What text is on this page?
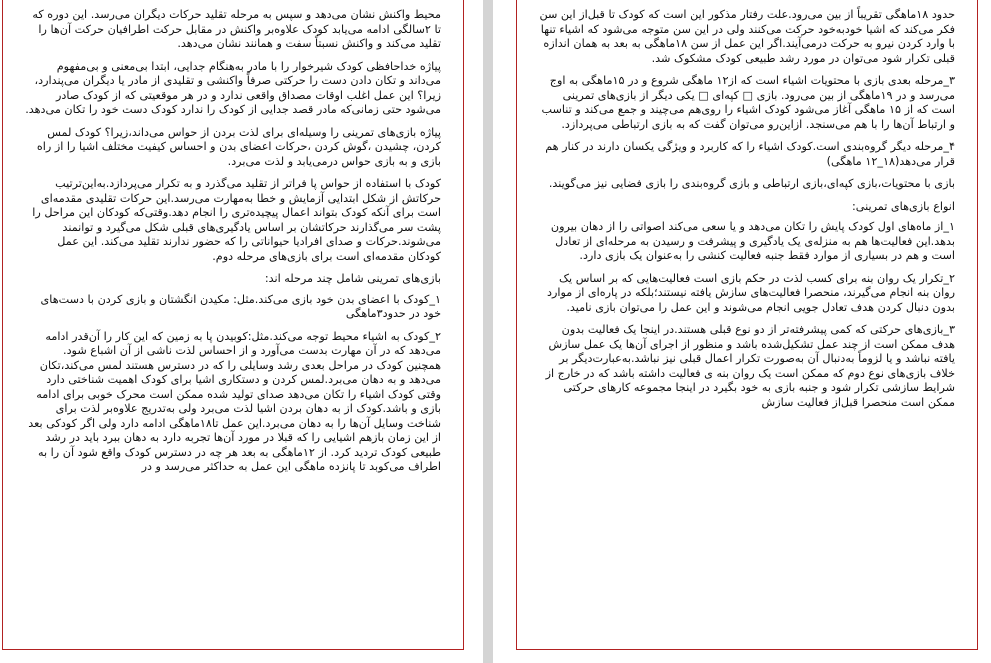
محیط واکنش نشان می‌دهد و سپس به مرحله تقلید حرکات دیگران می‌رسد. این دوره که تا ۲سالگی ادامه می‌یابد کودک علاوه‌بر واکنش در مقابل حرکت اطرافیان حرکت آن‌ها را تقلید می‌کند و واکنش نسبتاً سفت و همانند نشان می‌دهد.

پیاژه خداحافظی کودک شیرخوار را با مادر به‌هنگام جدایی، ابتدا بی‌معنی و بی‌مفهوم می‌داند و تکان دادن دست را حرکتی صرفاً واکنشی و تقلیدی از مادر یا دیگران می‌پندارد، زیرا؟ این عمل اغلب اوقات مصداق واقعی ندارد و در هر موقعیتی که از کودک صادر می‌شود حتی زمانی‌که مادر قصد جدایی از کودک را ندارد کودک دست خود را تکان می‌دهد.

پیاژه بازی‌های تمرینی را وسیله‌ای برای لذت بردن از حواس می‌داند،زیرا؟ کودک لمس کردن، چشیدن ،گوش کردن ،حرکات اعضای بدن و احساس کیفیت مختلف اشیا را از راه بازی و به بازی حواس درمی‌یابد و لذت می‌برد.

کودک با استفاده از حواس پا فراتر از تقلید می‌گذرد و به تکرار می‌پردازد.به‌این‌ترتیب حرکاتش از شکل ابتدایی آزمایش و خطا به‌مهارت می‌رسد.این حرکات تقلیدی مقدمه‌ای است برای آنکه کودک بتواند اعمال پیچیده‌تری را انجام دهد.وقتی‌که کودکان این مراحل را پشت سر می‌گذارند حرکاتشان بر اساس یادگیری‌های قبلی شکل می‌گیرد و توانمند می‌شوند.حرکات و صدای افرادیا حیواناتی را که حضور ندارند تقلید می‌کند. این عمل کودکان مقدمه‌ای است برای بازی‌های مرحله دوم.

بازی‌های تمرینی شامل چند مرحله اند:

۱_کودک با اعضای بدن خود بازی می‌کند.مثل: مکیدن انگشتان و بازی کردن با دست‌های خود در حدود۳ماهگی

۲_کودک به اشیاء محیط توجه می‌کند.مثل:کوبیدن پا به زمین که این کار را آن‌قدر ادامه می‌دهد که در آن مهارت بدست می‌آورد و از احساس لذت ناشی از آن اشباع شود. همچنین کودک در مراحل بعدی رشد وسایلی را که در دسترس هستند لمس می‌کند،تکان می‌دهد و به دهان می‌برد.لمس کردن و دستکاری اشیا برای کودک اهمیت شناختی دارد وقتی کودک اشیاء را تکان می‌دهد صدای تولید شده ممکن است محرک خوبی برای ادامه بازی و باشد.کودک از به دهان بردن اشیا لذت می‌برد ولی به‌تدریج علاوه‌بر لذت برای شناخت وسایل آن‌ها را به دهان می‌برد.این عمل تا۱۸ماهگی ادامه دارد ولی اگر کودکی بعد از این زمان بازهم اشیایی را که قبلا در مورد آن‌ها تجربه دارد به دهان ببرد باید در رشد طبیعی کودک تردید کرد. از ۱۲ماهگی به بعد هر چه در دسترس کودک واقع شود آن را به اطراف می‌کوبد تا پانزده ماهگی این عمل به حداکثر می‌رسد و در

حدود ۱۸ماهگی تقریباً از بین می‌رود.علت رفتار مذکور این است که کودک تا قبل‌از این سن فکر می‌کند که اشیا خودبه‌خود حرکت می‌کنند ولی در این سن متوجه می‌شود که اشیاء تنها با وارد کردن نیرو به حرکت درمی‌آیند.اگر این عمل از سن ۱۸ماهگی به بعد به همان اندازه قبلی تکرار شود می‌توان در مورد رشد طبیعی کودک مشکوک شد.

۳_مرحله بعدی بازی با محتویات اشیاء است که از۱۲ ماهگی شروع و در ۱۵ماهگی به اوج می‌رسد و در ۱۹ماهگی از بین می‌رود. بازی □ کپه‌ای □ یکی دیگر از بازی‌های تمرینی است که از ۱۵ ماهگی آغاز می‌شود کودک اشیاء را روی‌هم می‌چیند و جمع می‌کند و تناسب و ارتباط آن‌ها را با هم می‌سنجد. ازاین‌رو می‌توان گفت که به بازی ارتباطی می‌پردازد.

۴_مرحله دیگر گروه‌بندی است.کودک اشیاء را که کاربرد و ویژگی یکسان دارند در کنار هم قرار می‌دهد(۱۸_۱۲ ماهگی)

بازی با محتویات،بازی کپه‌ای،بازی ارتباطی و بازی گروه‌بندی را بازی فضایی نیز می‌گویند.

انواع بازی‌های تمرینی:

۱_از ماه‌های اول کودک پایش را تکان می‌دهد و یا سعی می‌کند اصواتی را از دهان بیرون بدهد.این فعالیت‌ها هم به منزله‌ی یک یادگیری و پیشرفت و رسیدن به مرحله‌ای از تعادل است و هم در بسیاری از موارد فقط جنبه فعالیت کنشی را به‌عنوان یک بازی دارد.

۲_تکرار یک روان بنه برای کسب لذت در حکم بازی است فعالیت‌هایی که بر اساس یک روان بنه انجام می‌گیرند، منحصرا فعالیت‌های سازش یافته نیستند؛بلکه در پاره‌ای از موارد بدون دنبال کردن هدف تعادل جویی انجام می‌شوند و این عمل را می‌توان بازی نامید.

۳_بازی‌های حرکتی که کمی پیشرفته‌تر از دو نوع قبلی هستند.در اینجا یک فعالیت بدون هدف ممکن است از چند عمل تشکیل‌شده باشد و منظور از اجرای آن‌ها یک عمل سازش یافته نباشد و یا لزوماً به‌دنبال آن به‌صورت تکرار اعمال قبلی نیز نباشد.به‌عبارت‌دیگر بر خلاف بازی‌های نوع دوم که ممکن است یک روان بنه ی فعالیت داشته باشد که در خارج از شرایط سازشی تکرار شود و جنبه بازی به خود بگیرد در اینجا مجموعه کارهای حرکتی ممکن است منحصرا قبل‌از فعالیت سازش
